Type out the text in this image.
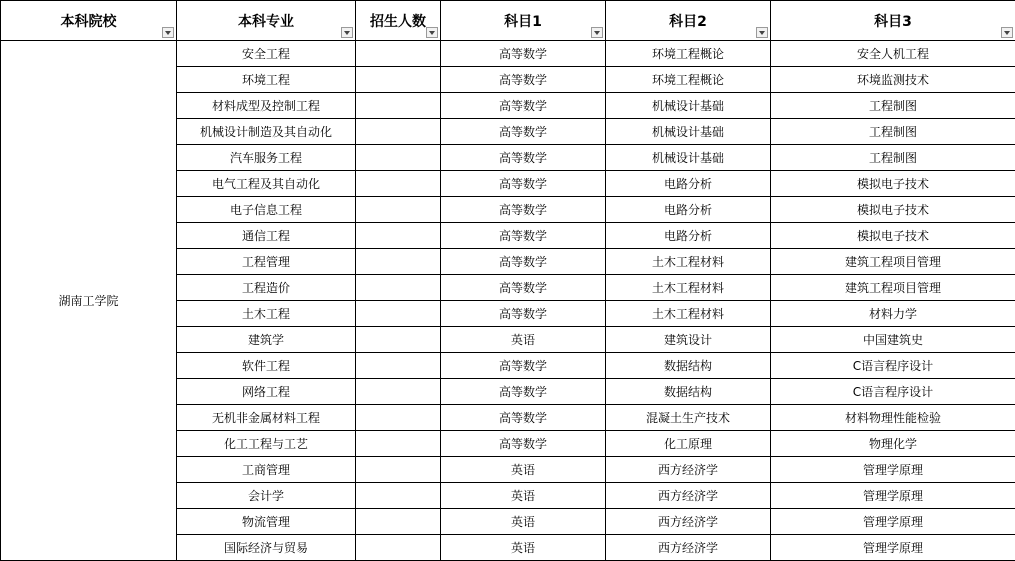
本科院校	本科专业	招生人数	科目1	科目2	科目3

湖南工学院	安全工程		高等数学	环境工程概论	安全人机工程
	环境工程		高等数学	环境工程概论	环境监测技术
	材料成型及控制工程		高等数学	机械设计基础	工程制图
	机械设计制造及其自动化		高等数学	机械设计基础	工程制图
	汽车服务工程		高等数学	机械设计基础	工程制图
	电气工程及其自动化		高等数学	电路分析	模拟电子技术
	电子信息工程		高等数学	电路分析	模拟电子技术
	通信工程		高等数学	电路分析	模拟电子技术
	工程管理		高等数学	土木工程材料	建筑工程项目管理
	工程造价		高等数学	土木工程材料	建筑工程项目管理
	土木工程		高等数学	土木工程材料	材料力学
	建筑学		英语	建筑设计	中国建筑史
	软件工程		高等数学	数据结构	C语言程序设计
	网络工程		高等数学	数据结构	C语言程序设计
	无机非金属材料工程		高等数学	混凝土生产技术	材料物理性能检验
	化工工程与工艺		高等数学	化工原理	物理化学
	工商管理		英语	西方经济学	管理学原理
	会计学		英语	西方经济学	管理学原理
	物流管理		英语	西方经济学	管理学原理
	国际经济与贸易		英语	西方经济学	管理学原理
